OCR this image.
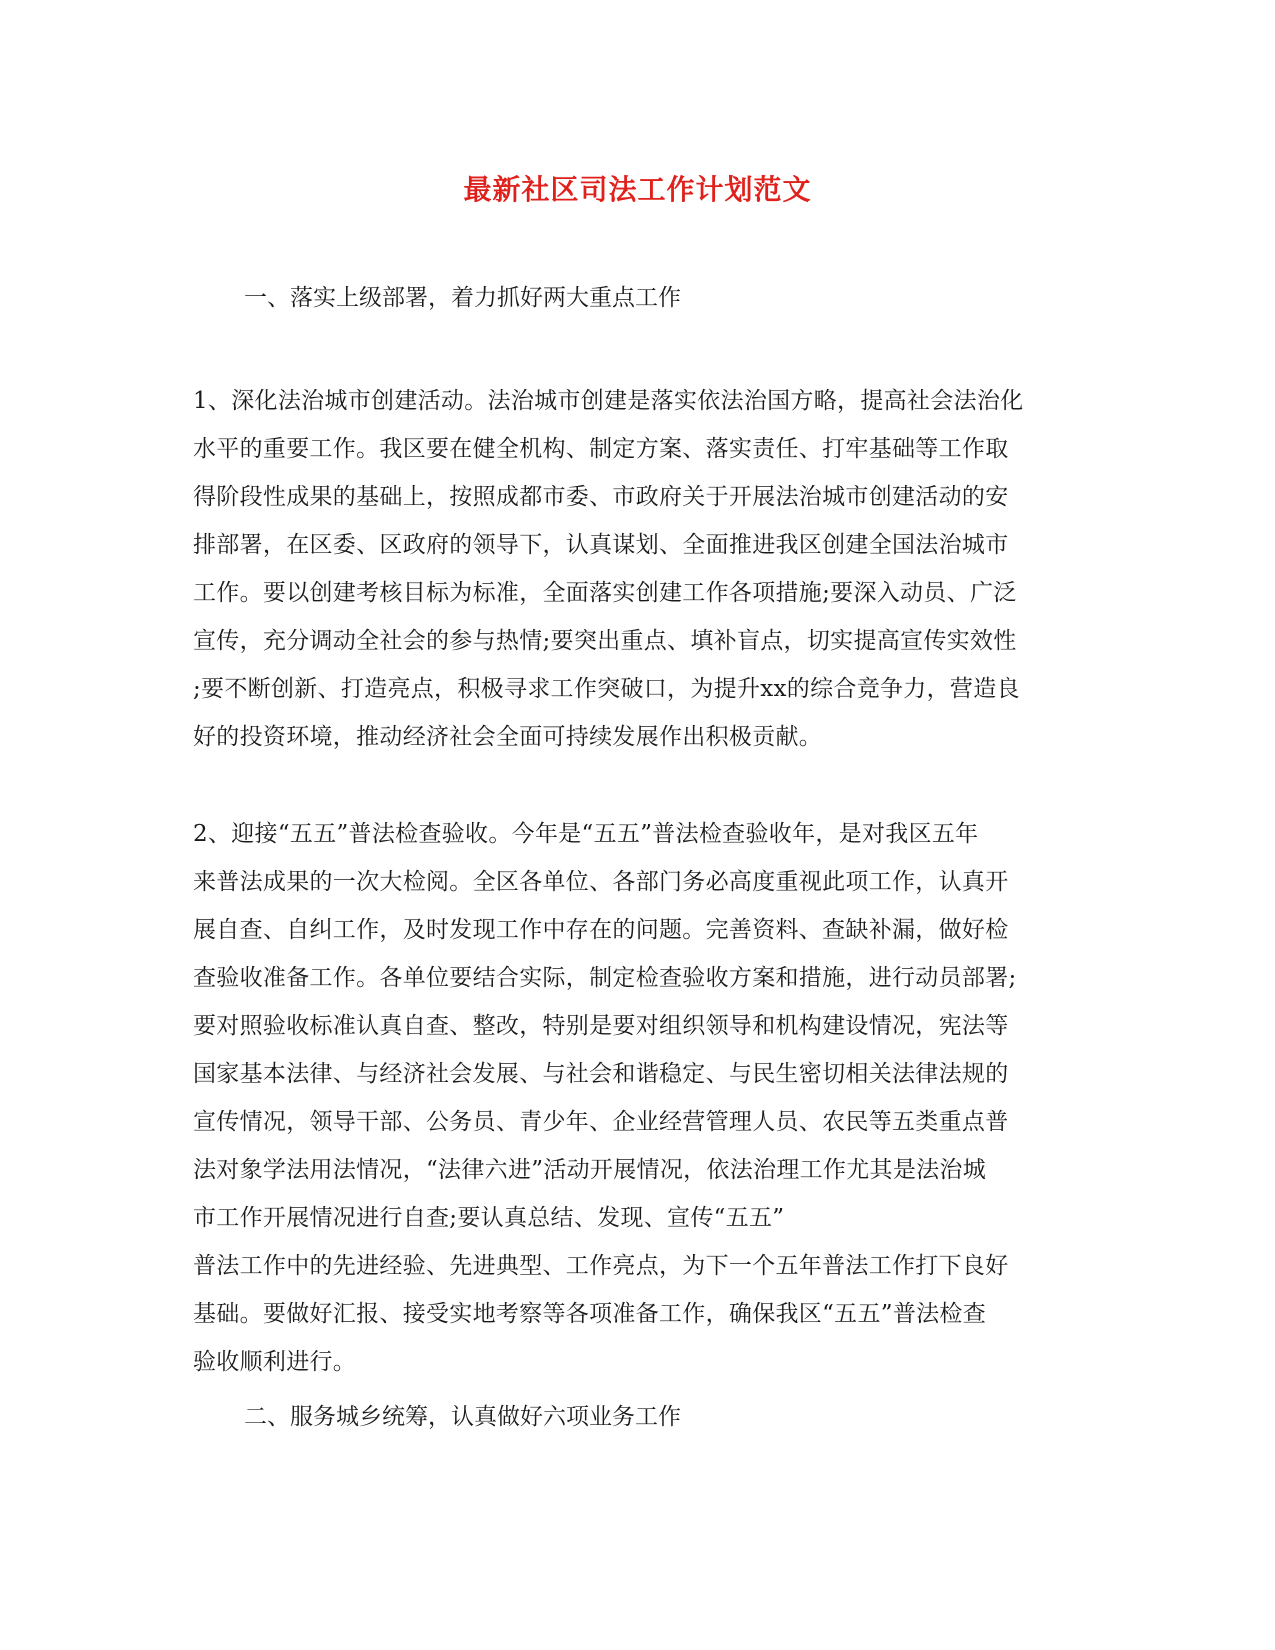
最新社区司法工作计划范文
一、落实上级部署，着力抓好两大重点工作
1、深化法治城市创建活动。法治城市创建是落实依法治国方略，提高社会法治化
水平的重要工作。我区要在健全机构、制定方案、落实责任、打牢基础等工作取
得阶段性成果的基础上，按照成都市委、市政府关于开展法治城市创建活动的安
排部署，在区委、区政府的领导下，认真谋划、全面推进我区创建全国法治城市
工作。要以创建考核目标为标准，全面落实创建工作各项措施;要深入动员、广泛
宣传，充分调动全社会的参与热情;要突出重点、填补盲点，切实提高宣传实效性
;要不断创新、打造亮点，积极寻求工作突破口，为提升xx的综合竞争力，营造良
好的投资环境，推动经济社会全面可持续发展作出积极贡献。
2、迎接“五五”普法检查验收。今年是“五五”普法检查验收年，是对我区五年
来普法成果的一次大检阅。全区各单位、各部门务必高度重视此项工作，认真开
展自查、自纠工作，及时发现工作中存在的问题。完善资料、查缺补漏，做好检
查验收准备工作。各单位要结合实际，制定检查验收方案和措施，进行动员部署;
要对照验收标准认真自查、整改，特别是要对组织领导和机构建设情况，宪法等
国家基本法律、与经济社会发展、与社会和谐稳定、与民生密切相关法律法规的
宣传情况，领导干部、公务员、青少年、企业经营管理人员、农民等五类重点普
法对象学法用法情况，“法律六进”活动开展情况，依法治理工作尤其是法治城
市工作开展情况进行自查;要认真总结、发现、宣传“五五”
普法工作中的先进经验、先进典型、工作亮点，为下一个五年普法工作打下良好
基础。要做好汇报、接受实地考察等各项准备工作，确保我区“五五”普法检查
验收顺利进行。
二、服务城乡统筹，认真做好六项业务工作
